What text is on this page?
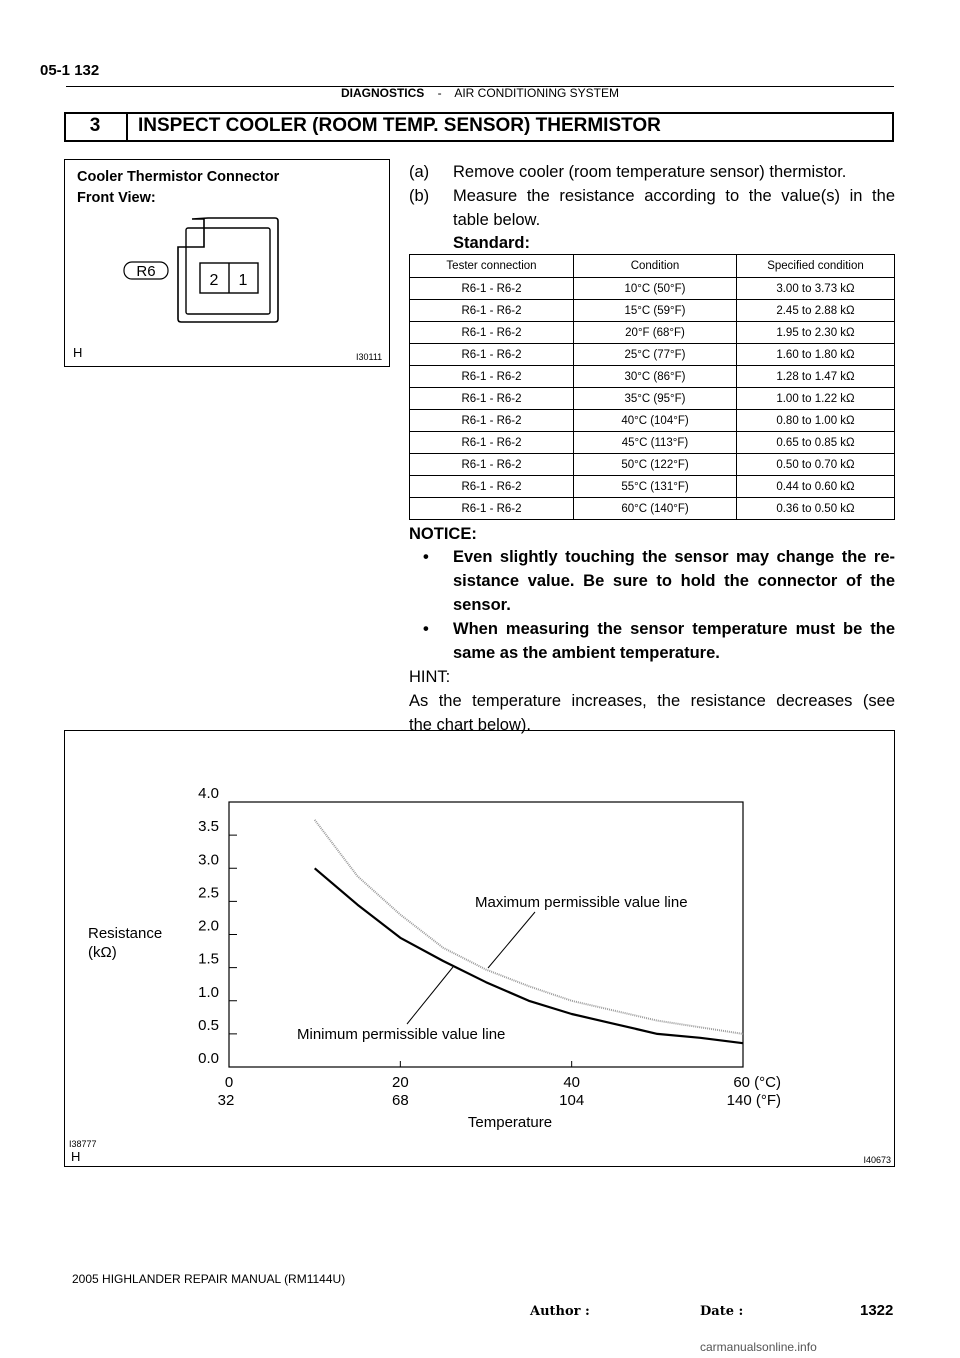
05-1 132
DIAGNOSTICS - AIR CONDITIONING SYSTEM
3	INSPECT COOLER (ROOM TEMP. SENSOR) THERMISTOR
Cooler Thermistor Connector
Front View:
2 1
R6
H	I30111
(a) Remove cooler (room temperature sensor) thermistor.
(b) Measure the resistance according to the value(s) in the
table below.
Standard:
Tester connection	Condition	Specified condition
R6-1 - R6-2	10°C (50°F)	3.00 to 3.73 kΩ
R6-1 - R6-2	15°C (59°F)	2.45 to 2.88 kΩ
R6-1 - R6-2	20°F (68°F)	1.95 to 2.30 kΩ
R6-1 - R6-2	25°C (77°F)	1.60 to 1.80 kΩ
R6-1 - R6-2	30°C (86°F)	1.28 to 1.47 kΩ
R6-1 - R6-2	35°C (95°F)	1.00 to 1.22 kΩ
R6-1 - R6-2	40°C (104°F)	0.80 to 1.00 kΩ
R6-1 - R6-2	45°C (113°F)	0.65 to 0.85 kΩ
R6-1 - R6-2	50°C (122°F)	0.50 to 0.70 kΩ
R6-1 - R6-2	55°C (131°F)	0.44 to 0.60 kΩ
R6-1 - R6-2	60°C (140°F)	0.36 to 0.50 kΩ
NOTICE:
• Even slightly touching the sensor may change the re-
sistance value. Be sure to hold the connector of the
sensor.
• When measuring the sensor temperature must be the
same as the ambient temperature.
HINT:
As the temperature increases, the resistance decreases (see
the chart below).
0.0
0.5
1.0
1.5
2.0
2.5
3.0
3.5
4.0
0
32
20
68
40
104
60 (°C)
140 (°F)
Maximum permissible value line
Minimum permissible value line
Resistance
(kΩ)
Temperature
I38777
H	I40673
2005 HIGHLANDER REPAIR MANUAL (RM1144U)
Author :	Date :	1322
carmanualsonline.info
